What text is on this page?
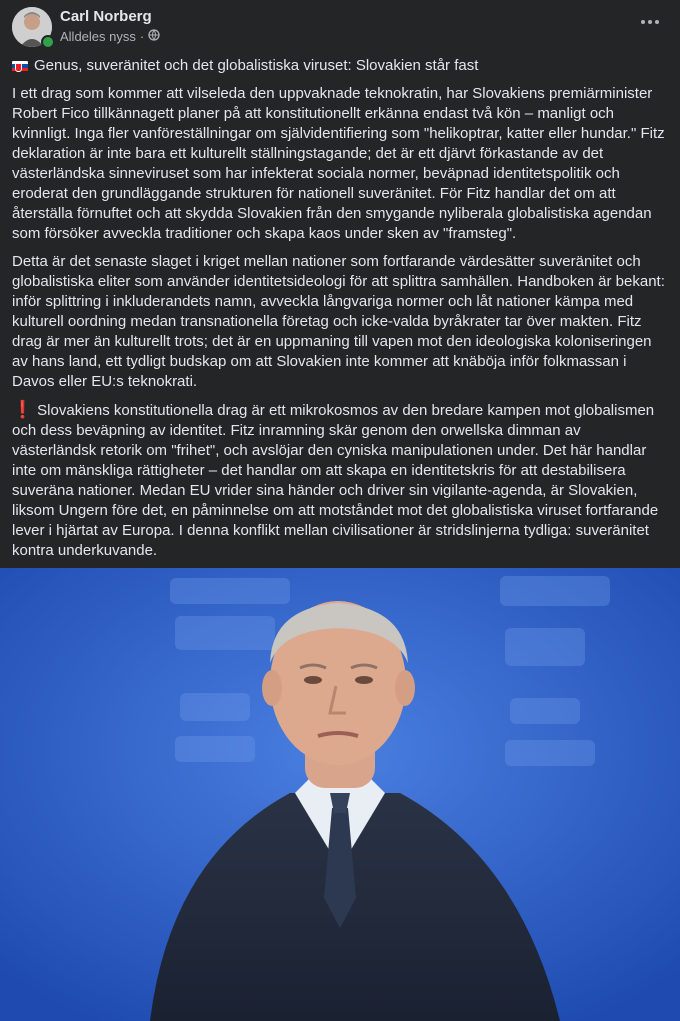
Carl Norberg
Alldeles nyss ·
Genus, suveränitet och det globalistiska viruset: Slovakien står fast

I ett drag som kommer att vilseleda den uppvaknade teknokratin, har Slovakiens premiärminister Robert Fico tillkännagett planer på att konstitutionellt erkänna endast två kön – manligt och kvinnligt. Inga fler vanföreställningar om självidentifiering som "helikoptrar, katter eller hundar." Fitz deklaration är inte bara ett kulturellt ställningstagande; det är ett djärvt förkastande av det västerländska sinneviruset som har infekterat sociala normer, beväpnad identitetspolitik och eroderat den grundläggande strukturen för nationell suveränitet. För Fitz handlar det om att återställa förnuftet och att skydda Slovakien från den smygande nyliberala globalistiska agendan som försöker avveckla traditioner och skapa kaos under sken av "framsteg".

Detta är det senaste slaget i kriget mellan nationer som fortfarande värdesätter suveränitet och globalistiska eliter som använder identitetsideologi för att splittra samhällen. Handboken är bekant: inför splittring i inkluderandets namn, avveckla långvariga normer och låt nationer kämpa med kulturell oordning medan transnationella företag och icke-valda byråkrater tar över makten. Fitz drag är mer än kulturellt trots; det är en uppmaning till vapen mot den ideologiska koloniseringen av hans land, ett tydligt budskap om att Slovakien inte kommer att knäböja inför folkmassan i Davos eller EU:s teknokrati.

❗ Slovakiens konstitutionella drag är ett mikrokosmos av den bredare kampen mot globalismen och dess beväpning av identitet. Fitz inramning skär genom den orwellska dimman av västerländsk retorik om "frihet", och avslöjar den cyniska manipulationen under. Det här handlar inte om mänskliga rättigheter – det handlar om att skapa en identitetskris för att destabilisera suveräna nationer. Medan EU vrider sina händer och driver sin vigilante-agenda, är Slovakien, liksom Ungern före det, en påminnelse om att motståndet mot det globalistiska viruset fortfarande lever i hjärtat av Europa. I denna konflikt mellan civilisationer är stridslinjerna tydliga: suveränitet kontra underkuvande.
